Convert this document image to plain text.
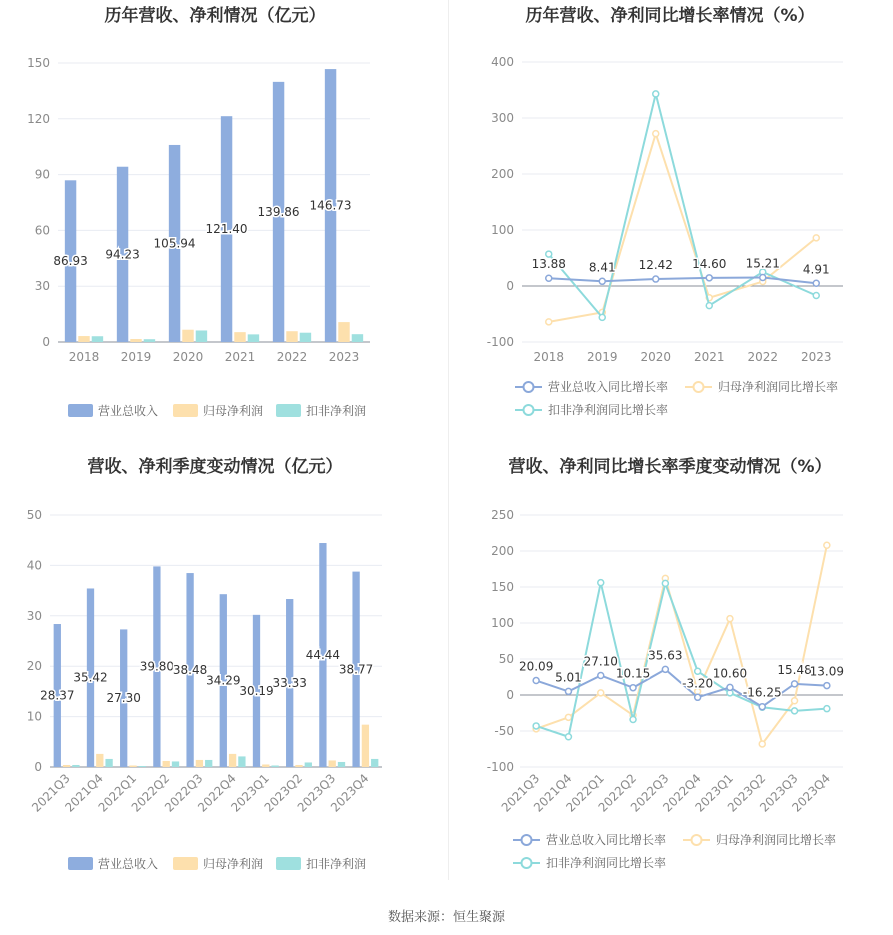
历年营收、净利情况（亿元）
0
30
60
90
120
150
2018 2019 2020 2021 2022 2023
86.93 94.23
105.94
121.40
139.86 146.73
营业总收入	归母净利润	扣非净利润
历年营收、净利同比增长率情况（%）
-100
0
100
200
300
400
2018 2019 2020 2021 2022 2023
13.88 8.41 12.42 14.60 15.21 4.91
营业总收入同比增长率	归母净利润同比增长率
扣非净利润同比增长率
营收、净利季度变动情况（亿元）
0
10
20
30
40
50
2021Q3
2021Q4
2022Q1
2022Q2
2022Q3
2022Q4
2023Q1
2023Q2
2023Q3
2023Q4
28.37
35.42
27.30
39.80
38.48
34.29
30.19
33.33
44.44
38.77
营业总收入	归母净利润	扣非净利润
营收、净利同比增长率季度变动情况（%）
-100
-50
0
50
100
150
200
250
2021Q3
2021Q4
2022Q1
2022Q2
2022Q3
2022Q4
2023Q1
2023Q2
2023Q3
2023Q4
20.09
5.01
27.10
10.15
35.63
-3.20
10.60
-16.25
15.48
13.09
营业总收入同比增长率	归母净利润同比增长率
扣非净利润同比增长率
数据来源：恒生聚源
